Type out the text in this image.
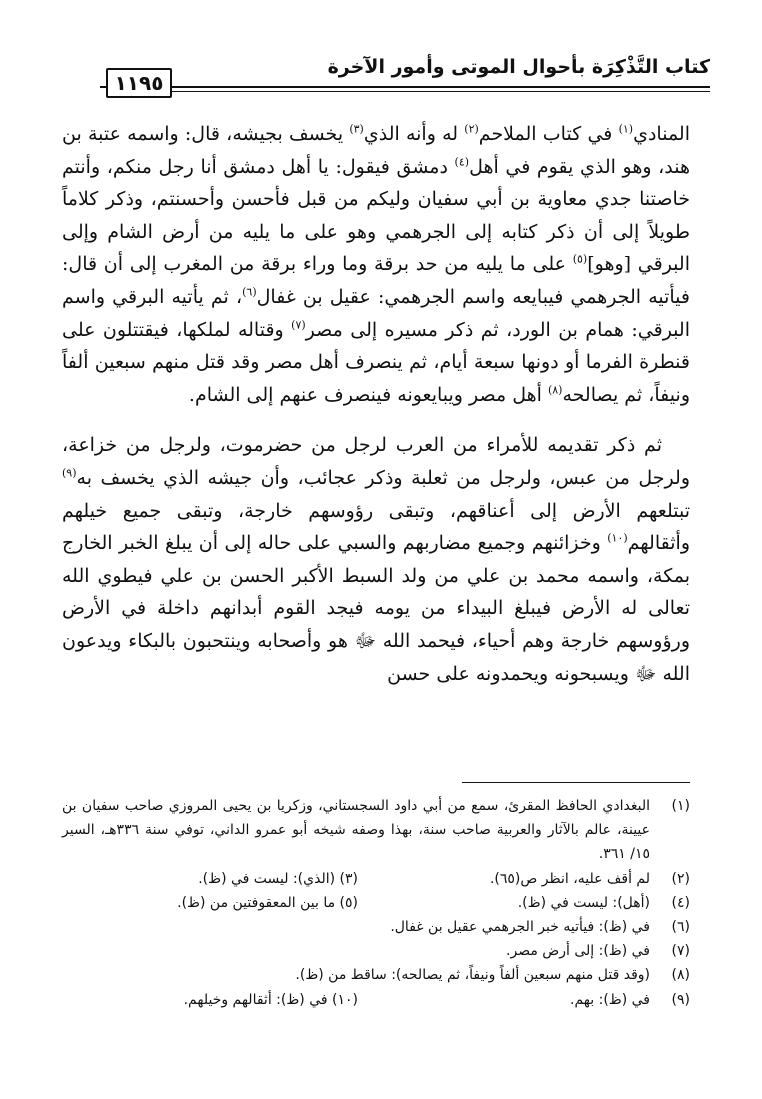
كتاب التَّذْكِرَة بأحوال الموتى وأمور الآخرة
١١٩٥

المنادي$^{(١)}$ في كتاب الملاحم$^{(٢)}$ له وأنه الذي$^{(٣)}$ يخسف بجيشه، قال: واسمه عتبة بن هند، وهو الذي يقوم في أهل$^{(٤)}$ دمشق فيقول: يا أهل دمشق أنا رجل منكم، وأنتم خاصتنا جدي معاوية بن أبي سفيان وليكم من قبل فأحسن وأحسنتم، وذكر كلاماً طويلاً إلى أن ذكر كتابه إلى الجرهمي وهو على ما يليه من أرض الشام وإلى البرقي [وهو]$^{(٥)}$ على ما يليه من حد برقة وما وراء برقة من المغرب إلى أن قال: فيأتيه الجرهمي فيبايعه واسم الجرهمي: عقيل بن غفال$^{(٦)}$، ثم يأتيه البرقي واسم البرقي: همام بن الورد، ثم ذكر مسيره إلى مصر$^{(٧)}$ وقتاله لملكها، فيقتتلون على قنطرة الفرما أو دونها سبعة أيام، ثم ينصرف أهل مصر وقد قتل منهم سبعين ألفاً ونيفاً، ثم يصالحه$^{(٨)}$ أهل مصر ويبايعونه فينصرف عنهم إلى الشام.

ثم ذكر تقديمه للأمراء من العرب لرجل من حضرموت، ولرجل من خزاعة، ولرجل من عبس، ولرجل من ثعلبة وذكر عجائب، وأن جيشه الذي يخسف به$^{(٩)}$ تبتلعهم الأرض إلى أعناقهم، وتبقى رؤوسهم خارجة، وتبقى جميع خيلهم وأثقالهم$^{(١٠)}$ وخزائنهم وجميع مضاربهم والسبي على حاله إلى أن يبلغ الخبر الخارج بمكة، واسمه محمد بن علي من ولد السبط الأكبر الحسن بن علي فيطوي الله تعالى له الأرض فيبلغ البيداء من يومه فيجد القوم أبدانهم داخلة في الأرض ورؤوسهم خارجة وهم أحياء، فيحمد الله ﷻ هو وأصحابه وينتحبون بالبكاء ويدعون الله ﷻ ويسبحونه ويحمدونه على حسن

(١)
البغدادي الحافظ المقرئ، سمع من أبي داود السجستاني، وزكريا بن يحيى المروزي صاحب سفيان بن عيينة، عالم بالآثار والعربية صاحب سنة، بهذا وصفه شيخه أبو عمرو الداني، توفي سنة ٣٣٦هـ، السير ١٥/ ٣٦١.
(٢)
لم أقف عليه، انظر ص(٦٥).
(٣) (الذي): ليست في (ظ).
(٤)
(أهل): ليست في (ظ).
(٥) ما بين المعقوفتين من (ظ).
(٦)
في (ظ): فيأتيه خبر الجرهمي عقيل بن غفال.
(٧)
في (ظ): إلى أرض مصر.
(٨)
(وقد قتل منهم سبعين ألفاً ونيفاً، ثم يصالحه): ساقط من (ظ).
(٩)
في (ظ): بهم.
(١٠) في (ظ): أثقالهم وخيلهم.
